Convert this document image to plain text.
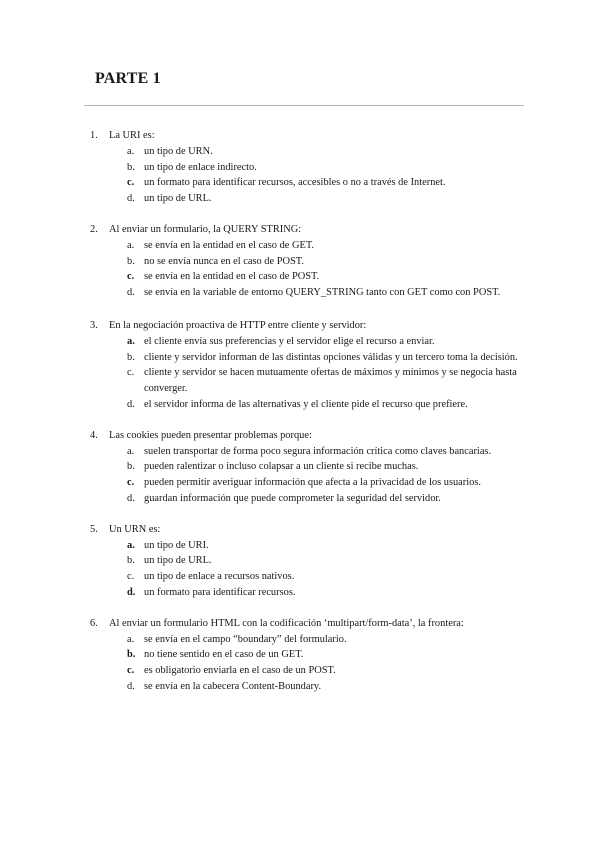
PARTE 1
1.	La URI es:
a. un tipo de URN.
b. un tipo de enlace indirecto.
c. un formato para identificar recursos, accesibles o no a través de Internet.
d. un tipo de URL.
2.	Al enviar un formulario, la QUERY STRING:
a. se envía en la entidad en el caso de GET.
b. no se envía nunca en el caso de POST.
c. se envía en la entidad en el caso de POST.
d. se envía en la variable de entorno QUERY_STRING tanto con GET como con POST.
3.	En la negociación proactiva de HTTP entre cliente y servidor:
a. el cliente envía sus preferencias y el servidor elige el recurso a enviar.
b. cliente y servidor informan de las distintas opciones válidas y un tercero toma la decisión.
c. cliente y servidor se hacen mutuamente ofertas de máximos y mínimos y se negocia hasta converger.
d. el servidor informa de las alternativas y el cliente pide el recurso que prefiere.
4.	Las cookies pueden presentar problemas porque:
a. suelen transportar de forma poco segura información crítica como claves bancarias.
b. pueden ralentizar o incluso colapsar a un cliente si recibe muchas.
c. pueden permitir averiguar información que afecta a la privacidad de los usuarios.
d. guardan información que puede comprometer la seguridad del servidor.
5.	Un URN es:
a. un tipo de URI.
b. un tipo de URL.
c. un tipo de enlace a recursos nativos.
d. un formato para identificar recursos.
6.	Al enviar un formulario HTML con la codificación ‘multipart/form-data’, la frontera:
a. se envía en el campo “boundary” del formulario.
b. no tiene sentido en el caso de un GET.
c. es obligatorio enviarla en el caso de un POST.
d. se envía en la cabecera Content-Boundary.
